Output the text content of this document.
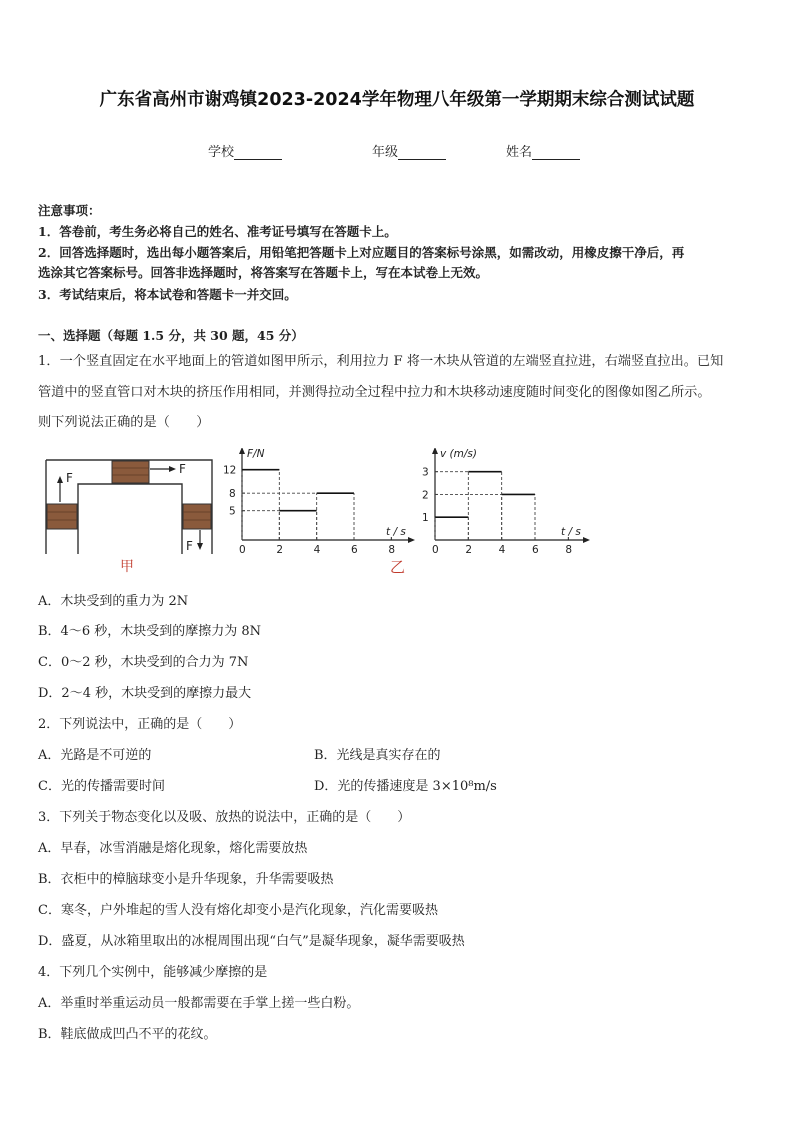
广东省高州市谢鸡镇2023-2024学年物理八年级第一学期期末综合测试试题
学校	年级	姓名
注意事项：
1．答卷前，考生务必将自己的姓名、准考证号填写在答题卡上。
2．回答选择题时，选出每小题答案后，用铅笔把答题卡上对应题目的答案标号涂黑，如需改动，用橡皮擦干净后，再
选涂其它答案标号。回答非选择题时，将答案写在答题卡上，写在本试卷上无效。
3．考试结束后，将本试卷和答题卡一并交回。
一、选择题（每题 1.5 分，共 30 题，45 分）
1．一个竖直固定在水平地面上的管道如图甲所示，利用拉力 F 将一木块从管道的左端竖直拉进，右端竖直拉出。已知
管道中的竖直管口对木块的挤压作用相同，并测得拉动全过程中拉力和木块移动速度随时间变化的图像如图乙所示。
则下列说法正确的是（　　）
F
F
F
甲	乙
F/N
t / s
0	2	4	6	8
5
8
12
v (m/s)
t / s
0	2	4	6	8
1
2
3
A．木块受到的重力为 2N
B．4～6 秒，木块受到的摩擦力为 8N
C．0～2 秒，木块受到的合力为 7N
D．2～4 秒，木块受到的摩擦力最大
2．下列说法中，正确的是（　　）
A．光路是不可逆的	B．光线是真实存在的
C．光的传播需要时间	D．光的传播速度是 3×10⁸m/s
3．下列关于物态变化以及吸、放热的说法中，正确的是（　　）
A．早春，冰雪消融是熔化现象，熔化需要放热
B．衣柜中的樟脑球变小是升华现象，升华需要吸热
C．寒冬，户外堆起的雪人没有熔化却变小是汽化现象，汽化需要吸热
D．盛夏，从冰箱里取出的冰棍周围出现“白气”是凝华现象，凝华需要吸热
4．下列几个实例中，能够减少摩擦的是
A．举重时举重运动员一般都需要在手掌上搓一些白粉。
B．鞋底做成凹凸不平的花纹。
